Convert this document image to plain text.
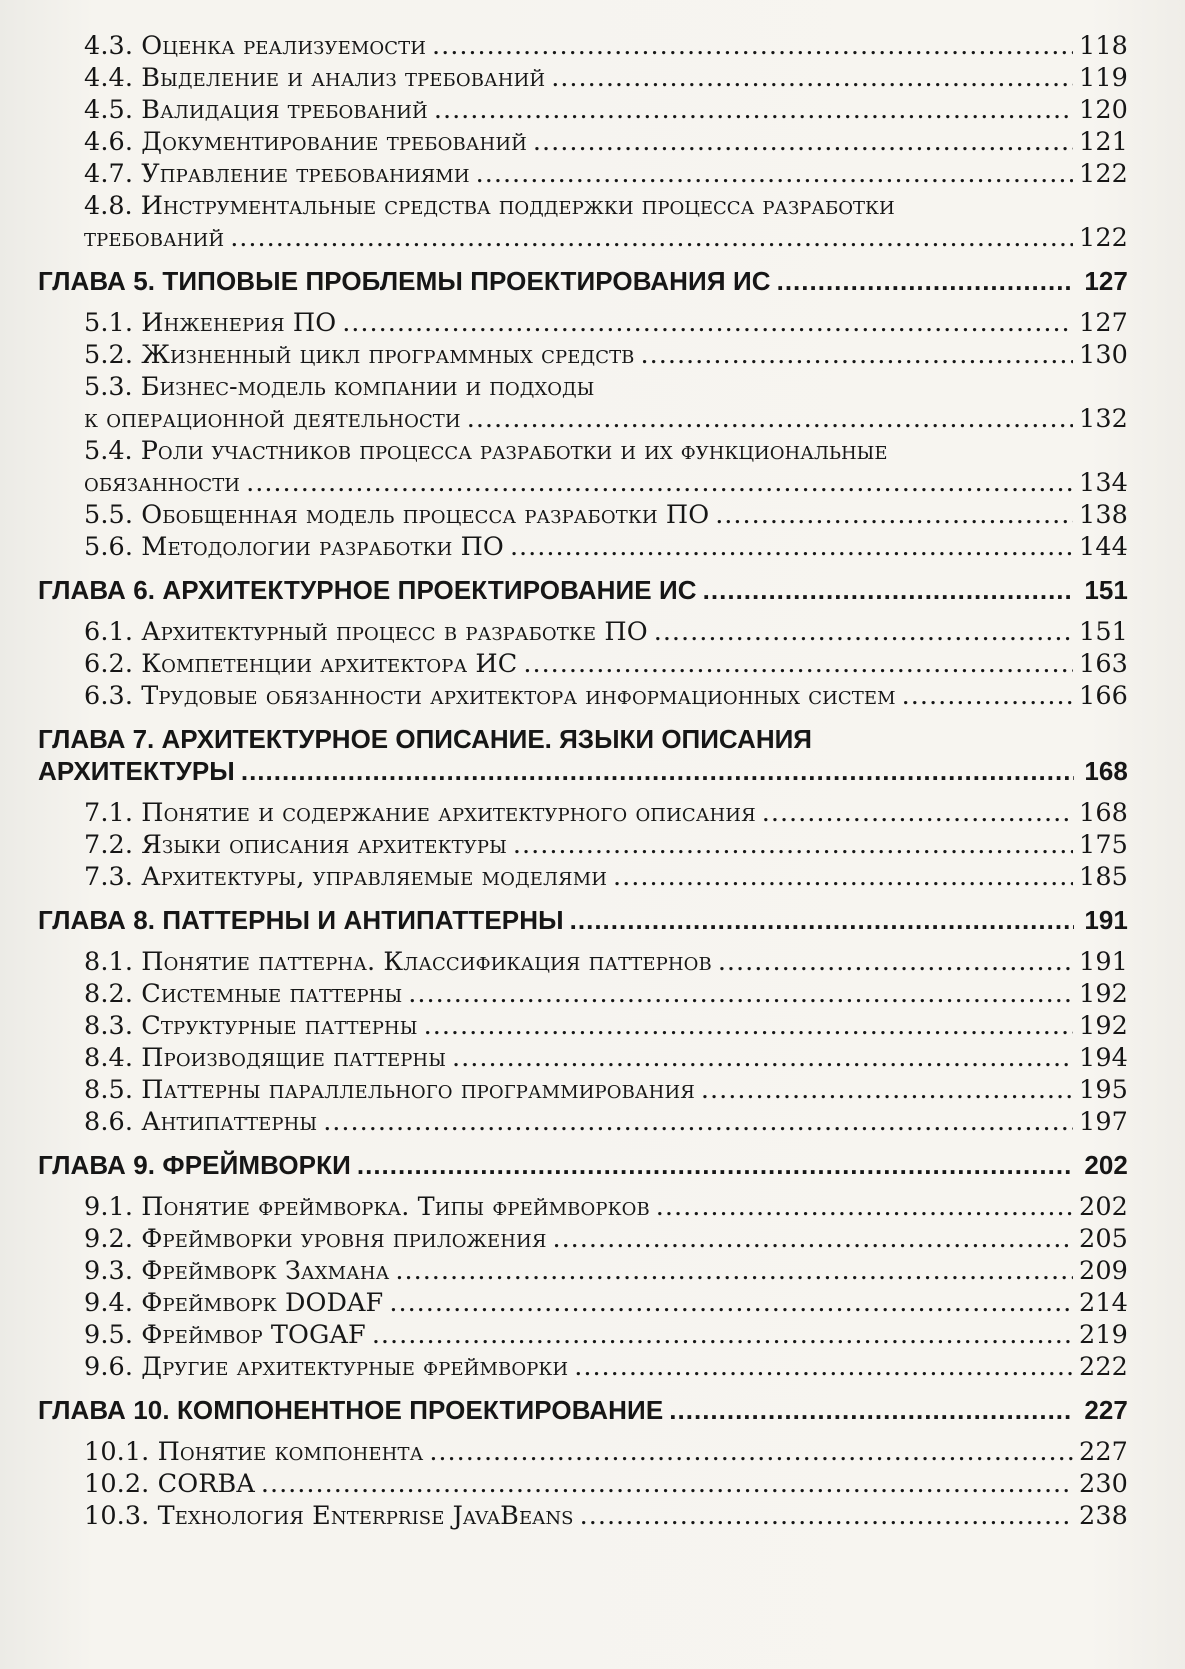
4.3. Оценка реализуемости .....	118
4.4. Выделение и анализ требований .....	119
4.5. Валидация требований .....	120
4.6. Документирование требований .....	121
4.7. Управление требованиями .....	122
4.8. Инструментальные средства поддержки процесса разработки
требований .....	122
ГЛАВА 5. ТИПОВЫЕ ПРОБЛЕМЫ ПРОЕКТИРОВАНИЯ ИС .....	127
5.1. Инженерия ПО .....	127
5.2. Жизненный цикл программных средств .....	130
5.3. Бизнес-модель компании и подходы
к операционной деятельности .....	132
5.4. Роли участников процесса разработки и их функциональные
обязанности .....	134
5.5. Обобщенная модель процесса разработки ПО .....	138
5.6. Методологии разработки ПО .....	144
ГЛАВА 6. АРХИТЕКТУРНОЕ ПРОЕКТИРОВАНИЕ ИС .....	151
6.1. Архитектурный процесс в разработке ПО .....	151
6.2. Компетенции архитектора ИС .....	163
6.3. Трудовые обязанности архитектора информационных систем .....	166
ГЛАВА 7. АРХИТЕКТУРНОЕ ОПИСАНИЕ. ЯЗЫКИ ОПИСАНИЯ
АРХИТЕКТУРЫ .....	168
7.1. Понятие и содержание архитектурного описания .....	168
7.2. Языки описания архитектуры .....	175
7.3. Архитектуры, управляемые моделями .....	185
ГЛАВА 8. ПАТТЕРНЫ И АНТИПАТТЕРНЫ .....	191
8.1. Понятие паттерна. Классификация паттернов .....	191
8.2. Системные паттерны .....	192
8.3. Структурные паттерны .....	192
8.4. Производящие паттерны .....	194
8.5. Паттерны параллельного программирования .....	195
8.6. Антипаттерны .....	197
ГЛАВА 9. ФРЕЙМВОРКИ .....	202
9.1. Понятие фреймворка. Типы фреймворков .....	202
9.2. Фреймворки уровня приложения .....	205
9.3. Фреймворк Захмана .....	209
9.4. Фреймворк DODAF .....	214
9.5. Фреймвор TOGAF .....	219
9.6. Другие архитектурные фреймворки .....	222
ГЛАВА 10. КОМПОНЕНТНОЕ ПРОЕКТИРОВАНИЕ .....	227
10.1. Понятие компонента .....	227
10.2. CORBA .....	230
10.3. Технология Enterprise JavaBeans .....	238
